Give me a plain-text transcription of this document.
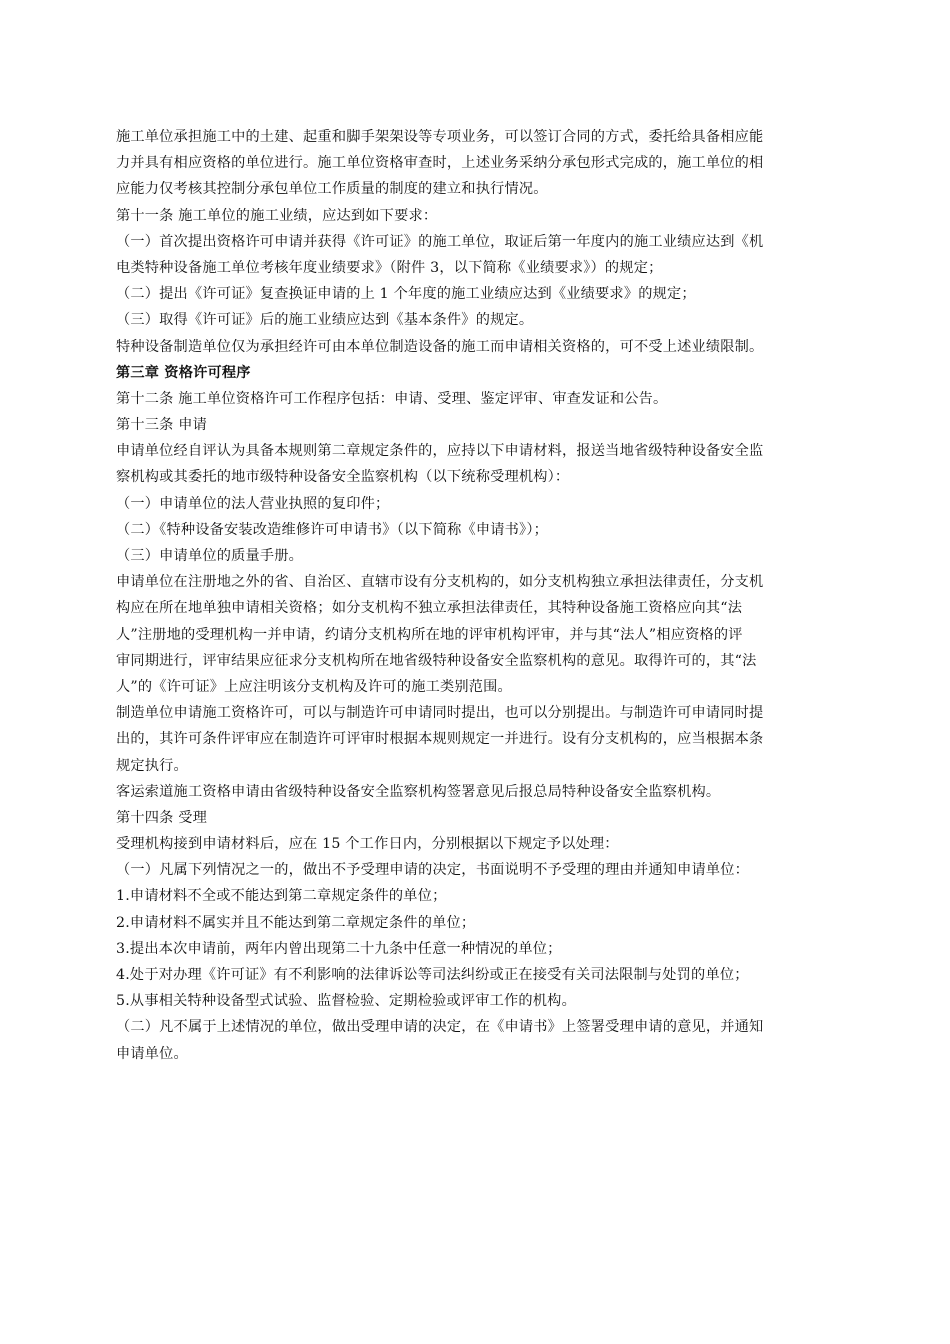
施工单位承担施工中的土建、起重和脚手架架设等专项业务，可以签订合同的方式，委托给具备相应能
力并具有相应资格的单位进行。施工单位资格审查时，上述业务采纳分承包形式完成的，施工单位的相
应能力仅考核其控制分承包单位工作质量的制度的建立和执行情况。
第十一条 施工单位的施工业绩，应达到如下要求：
（一）首次提出资格许可申请并获得《许可证》的施工单位，取证后第一年度内的施工业绩应达到《机
电类特种设备施工单位考核年度业绩要求》（附件 3，以下简称《业绩要求》）的规定；
（二）提出《许可证》复查换证申请的上 1 个年度的施工业绩应达到《业绩要求》的规定；
（三）取得《许可证》后的施工业绩应达到《基本条件》的规定。
特种设备制造单位仅为承担经许可由本单位制造设备的施工而申请相关资格的，可不受上述业绩限制。
第三章 资格许可程序
第十二条 施工单位资格许可工作程序包括：申请、受理、鉴定评审、审查发证和公告。
第十三条 申请
申请单位经自评认为具备本规则第二章规定条件的，应持以下申请材料，报送当地省级特种设备安全监
察机构或其委托的地市级特种设备安全监察机构（以下统称受理机构）：
（一）申请单位的法人营业执照的复印件；
（二）《特种设备安装改造维修许可申请书》（以下简称《申请书》）；
（三）申请单位的质量手册。
申请单位在注册地之外的省、自治区、直辖市设有分支机构的，如分支机构独立承担法律责任，分支机
构应在所在地单独申请相关资格；如分支机构不独立承担法律责任，其特种设备施工资格应向其“法
人”注册地的受理机构一并申请，约请分支机构所在地的评审机构评审，并与其“法人”相应资格的评
审同期进行，评审结果应征求分支机构所在地省级特种设备安全监察机构的意见。取得许可的，其“法
人”的《许可证》上应注明该分支机构及许可的施工类别范围。
制造单位申请施工资格许可，可以与制造许可申请同时提出，也可以分别提出。与制造许可申请同时提
出的，其许可条件评审应在制造许可评审时根据本规则规定一并进行。设有分支机构的，应当根据本条
规定执行。
客运索道施工资格申请由省级特种设备安全监察机构签署意见后报总局特种设备安全监察机构。
第十四条 受理
受理机构接到申请材料后，应在 15 个工作日内，分别根据以下规定予以处理：
（一）凡属下列情况之一的，做出不予受理申请的决定，书面说明不予受理的理由并通知申请单位：
1.申请材料不全或不能达到第二章规定条件的单位；
2.申请材料不属实并且不能达到第二章规定条件的单位；
3.提出本次申请前，两年内曾出现第二十九条中任意一种情况的单位；
4.处于对办理《许可证》有不利影响的法律诉讼等司法纠纷或正在接受有关司法限制与处罚的单位；
5.从事相关特种设备型式试验、监督检验、定期检验或评审工作的机构。
（二）凡不属于上述情况的单位，做出受理申请的决定，在《申请书》上签署受理申请的意见，并通知
申请单位。
